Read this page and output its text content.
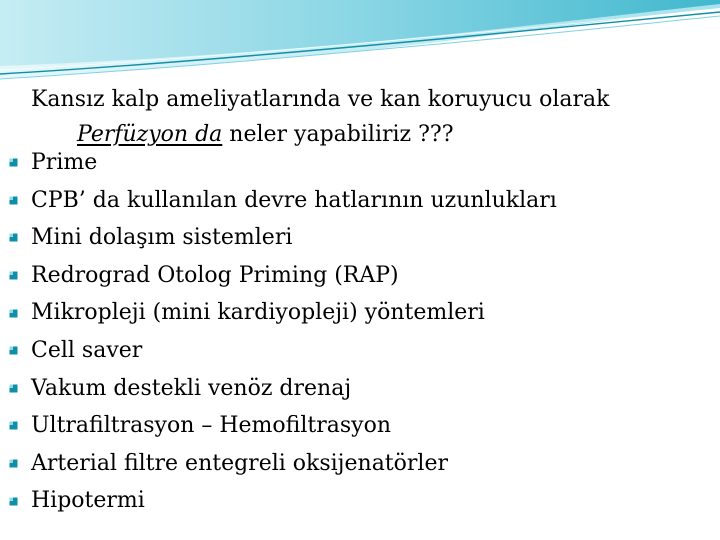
Kansız kalp ameliyatlarında ve kan koruyucu olarak
Perfüzyon da neler yapabiliriz ???
Prime
CPB’ da kullanılan devre hatlarının uzunlukları
Mini dolaşım sistemleri
Redrograd Otolog Priming (RAP)
Mikropleji (mini kardiyopleji) yöntemleri
Cell saver
Vakum destekli venöz drenaj
Ultrafiltrasyon – Hemofiltrasyon
Arterial filtre entegreli oksijenatörler
Hipotermi
